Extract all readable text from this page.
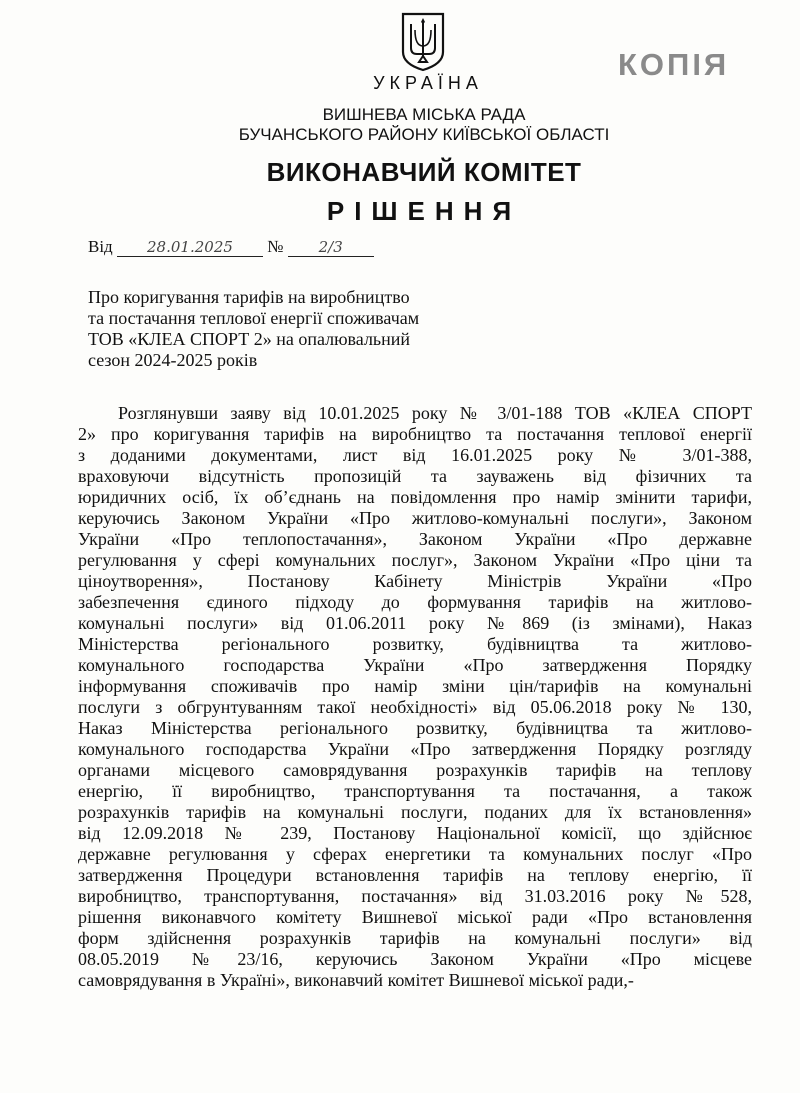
КОПІЯ
УКРАЇНА
ВИШНЕВА МІСЬКА РАДА
БУЧАНСЬКОГО РАЙОНУ КИЇВСЬКОЇ ОБЛАСТІ
ВИКОНАВЧИЙ КОМІТЕТ
РІШЕННЯ
Від 28.01.2025 № 2/3
Про коригування тарифів на виробництво
та постачання теплової енергії споживачам
ТОВ «КЛЕА СПОРТ 2» на опалювальний
сезон 2024-2025 років
Розглянувши заяву від 10.01.2025 року № 3/01-188 ТОВ «КЛЕА СПОРТ
2» про коригування тарифів на виробництво та постачання теплової енергії
з доданими документами, лист від 16.01.2025 року № 3/01-388,
враховуючи відсутність пропозицій та зауважень від фізичних та
юридичних осіб, їх об’єднань на повідомлення про намір змінити тарифи,
керуючись Законом України «Про житлово-комунальні послуги», Законом
України «Про теплопостачання», Законом України «Про державне
регулювання у сфері комунальних послуг», Законом України «Про ціни та
ціноутворення», Постанову Кабінету Міністрів України «Про
забезпечення єдиного підходу до формування тарифів на житлово-
комунальні послуги» від 01.06.2011 року №869 (із змінами), Наказ
Міністерства регіонального розвитку, будівництва та житлово-
комунального господарства України «Про затвердження Порядку
інформування споживачів про намір зміни цін/тарифів на комунальні
послуги з обгрунтуванням такої необхідності» від 05.06.2018 року № 130,
Наказ Міністерства регіонального розвитку, будівництва та житлово-
комунального господарства України «Про затвердження Порядку розгляду
органами місцевого самоврядування розрахунків тарифів на теплову
енергію, її виробництво, транспортування та постачання, а також
розрахунків тарифів на комунальні послуги, поданих для їх встановлення»
від 12.09.2018 № 239, Постанову Національної комісії, що здійснює
державне регулювання у сферах енергетики та комунальних послуг «Про
затвердження Процедури встановлення тарифів на теплову енергію, її
виробництво, транспортування, постачання» від 31.03.2016 року №528,
рішення виконавчого комітету Вишневої міської ради «Про встановлення
форм здійснення розрахунків тарифів на комунальні послуги» від
08.05.2019 №23/16, керуючись Законом України «Про місцеве
самоврядування в Україні», виконавчий комітет Вишневої міської ради,-
